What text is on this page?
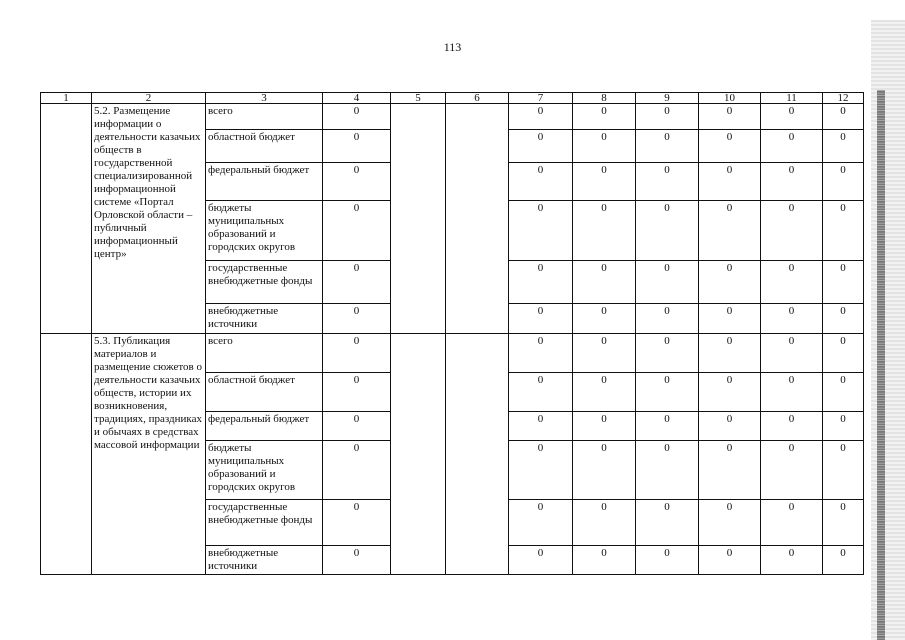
113
1	2	3	4	5	6	7	8	9	10	11	12
	5.2. Размещение информации о деятельности казачьих обществ в государственной специализированной информационной системе «Портал Орловской области – публичный информационный центр»	всего	0			0	0	0	0	0	0
		областной бюджет	0			0	0	0	0	0	0
		федеральный бюджет	0			0	0	0	0	0	0
		бюджеты муниципальных образований и городских округов	0			0	0	0	0	0	0
		государственные внебюджетные фонды	0			0	0	0	0	0	0
		внебюджетные источники	0			0	0	0	0	0	0
	5.3. Публикация материалов и размещение сюжетов о деятельности казачьих обществ, истории их возникновения, традициях, праздниках и обычаях в средствах массовой информации	всего	0			0	0	0	0	0	0
		областной бюджет	0			0	0	0	0	0	0
		федеральный бюджет	0			0	0	0	0	0	0
		бюджеты муниципальных образований и городских округов	0			0	0	0	0	0	0
		государственные внебюджетные фонды	0			0	0	0	0	0	0
		внебюджетные источники	0			0	0	0	0	0	0
